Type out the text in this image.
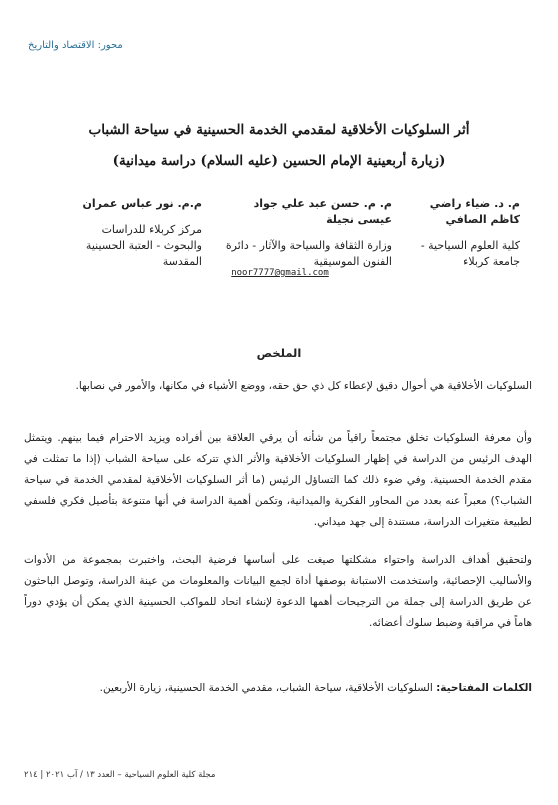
محور: الاقتصاد والتاريخ
أثر السلوكيات الأخلاقية لمقدمي الخدمة الحسينية في سياحة الشباب
(زيارة أربعينية الإمام الحسين (عليه السلام) دراسة ميدانية)
م. د. ضياء راضي كاظم الصافي
كلية العلوم السياحية - جامعة كربلاء
م. م. حسن عبد علي جواد عيسى نجيلة
وزارة الثقافة والسياحة والآثار - دائرة الفنون الموسيقية
م.م. نور عباس عمران
مركز كربلاء للدراسات والبحوث - العتبة الحسينية المقدسة
noor7777@gmail.com
الملخص
السلوكيات الأخلاقية هي أحوال دقيق لإعطاء كل ذي حق حقه، ووضع الأشياء في مكانها، والأمور في نصابها.
وأن معرفة السلوكيات تخلق مجتمعاً راقياً من شأنه أن يرقي العلاقة بين أفراده ويزيد الاحترام فيما بينهم. ويتمثل الهدف الرئيس من الدراسة في إظهار السلوكيات الأخلاقية والأثر الذي تتركه على سياحة الشباب (إذا ما تمثلت في مقدم الخدمة الحسينية. وفي ضوء ذلك كما التساؤل الرئيس (ما أثر السلوكيات الأخلاقية لمقدمي الخدمة في سياحة الشباب؟) معبراً عنه بعدد من المحاور الفكرية والميدانية، وتكمن أهمية الدراسة في أنها متنوعة بتأصيل فكري فلسفي لطبيعة متغيرات الدراسة، مستندة إلى جهد ميداني.
ولتحقيق أهداف الدراسة واحتواء مشكلتها صيغت على أساسها فرضية البحث، واختبرت بمجموعة من الأدوات والأساليب الإحصائية، واستخدمت الاستبانة بوصفها أداة لجمع البيانات والمعلومات من عينة الدراسة، وتوصل الباحثون عن طريق الدراسة إلى جملة من الترجيحات أهمها الدعوة لإنشاء اتحاد للمواكب الحسينية الذي يمكن أن يؤدي دوراً هاماً في مراقبة وضبط سلوك أعضائه.
الكلمات المفتاحية: السلوكيات الأخلاقية، سياحة الشباب، مقدمي الخدمة الحسينية، زيارة الأربعين.
مجلة كلية العلوم السياحية – العدد ١٣ / آب ٢٠٢١ | ٢١٤
